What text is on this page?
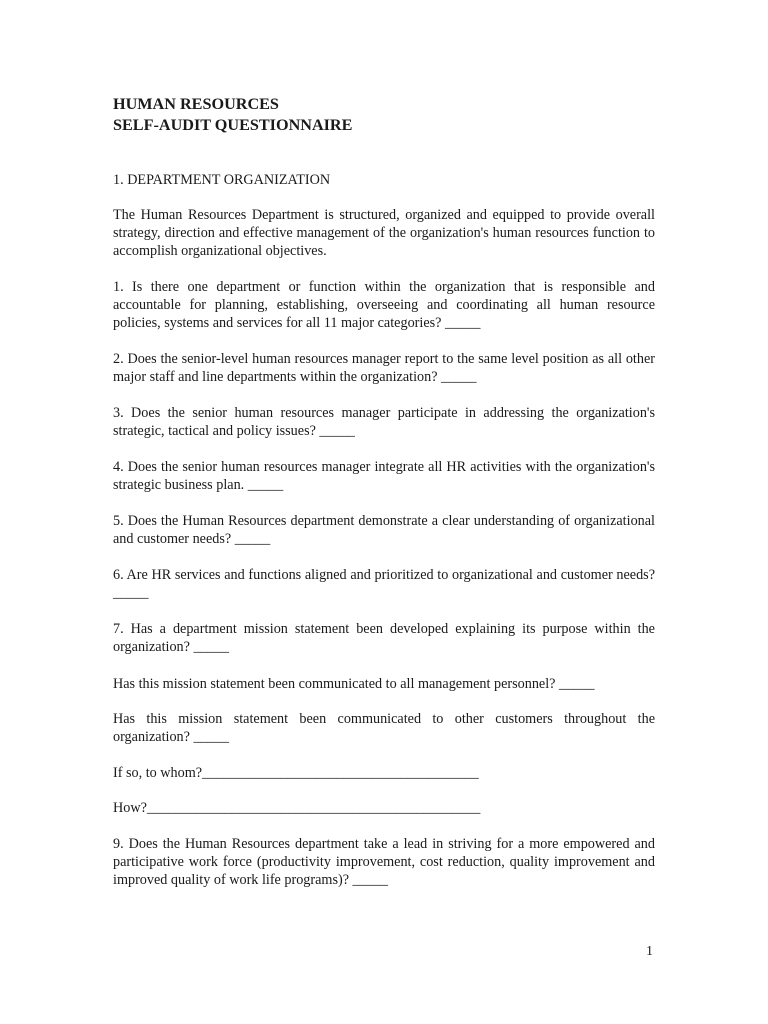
HUMAN RESOURCES
SELF-AUDIT QUESTIONNAIRE

1. DEPARTMENT ORGANIZATION

The Human Resources Department is structured, organized and equipped to provide overall strategy, direction and effective management of the organization's human resources function to accomplish organizational objectives.

1. Is there one department or function within the organization that is responsible and accountable for planning, establishing, overseeing and coordinating all human resource policies, systems and services for all 11 major categories? _____

2. Does the senior-level human resources manager report to the same level position as all other major staff and line departments within the organization? _____

3. Does the senior human resources manager participate in addressing the organization's strategic, tactical and policy issues? _____

4. Does the senior human resources manager integrate all HR activities with the organization's strategic business plan. _____

5. Does the Human Resources department demonstrate a clear understanding of organizational and customer needs? _____

6. Are HR services and functions aligned and prioritized to organizational and customer needs? _____

7. Has a department mission statement been developed explaining its purpose within the organization? _____

Has this mission statement been communicated to all management personnel? _____

Has this mission statement been communicated to other customers throughout the organization? _____

If so, to whom?_______________________________________

How?_______________________________________________

9. Does the Human Resources department take a lead in striving for a more empowered and participative work force (productivity improvement, cost reduction, quality improvement and improved quality of work life programs)? _____

1
